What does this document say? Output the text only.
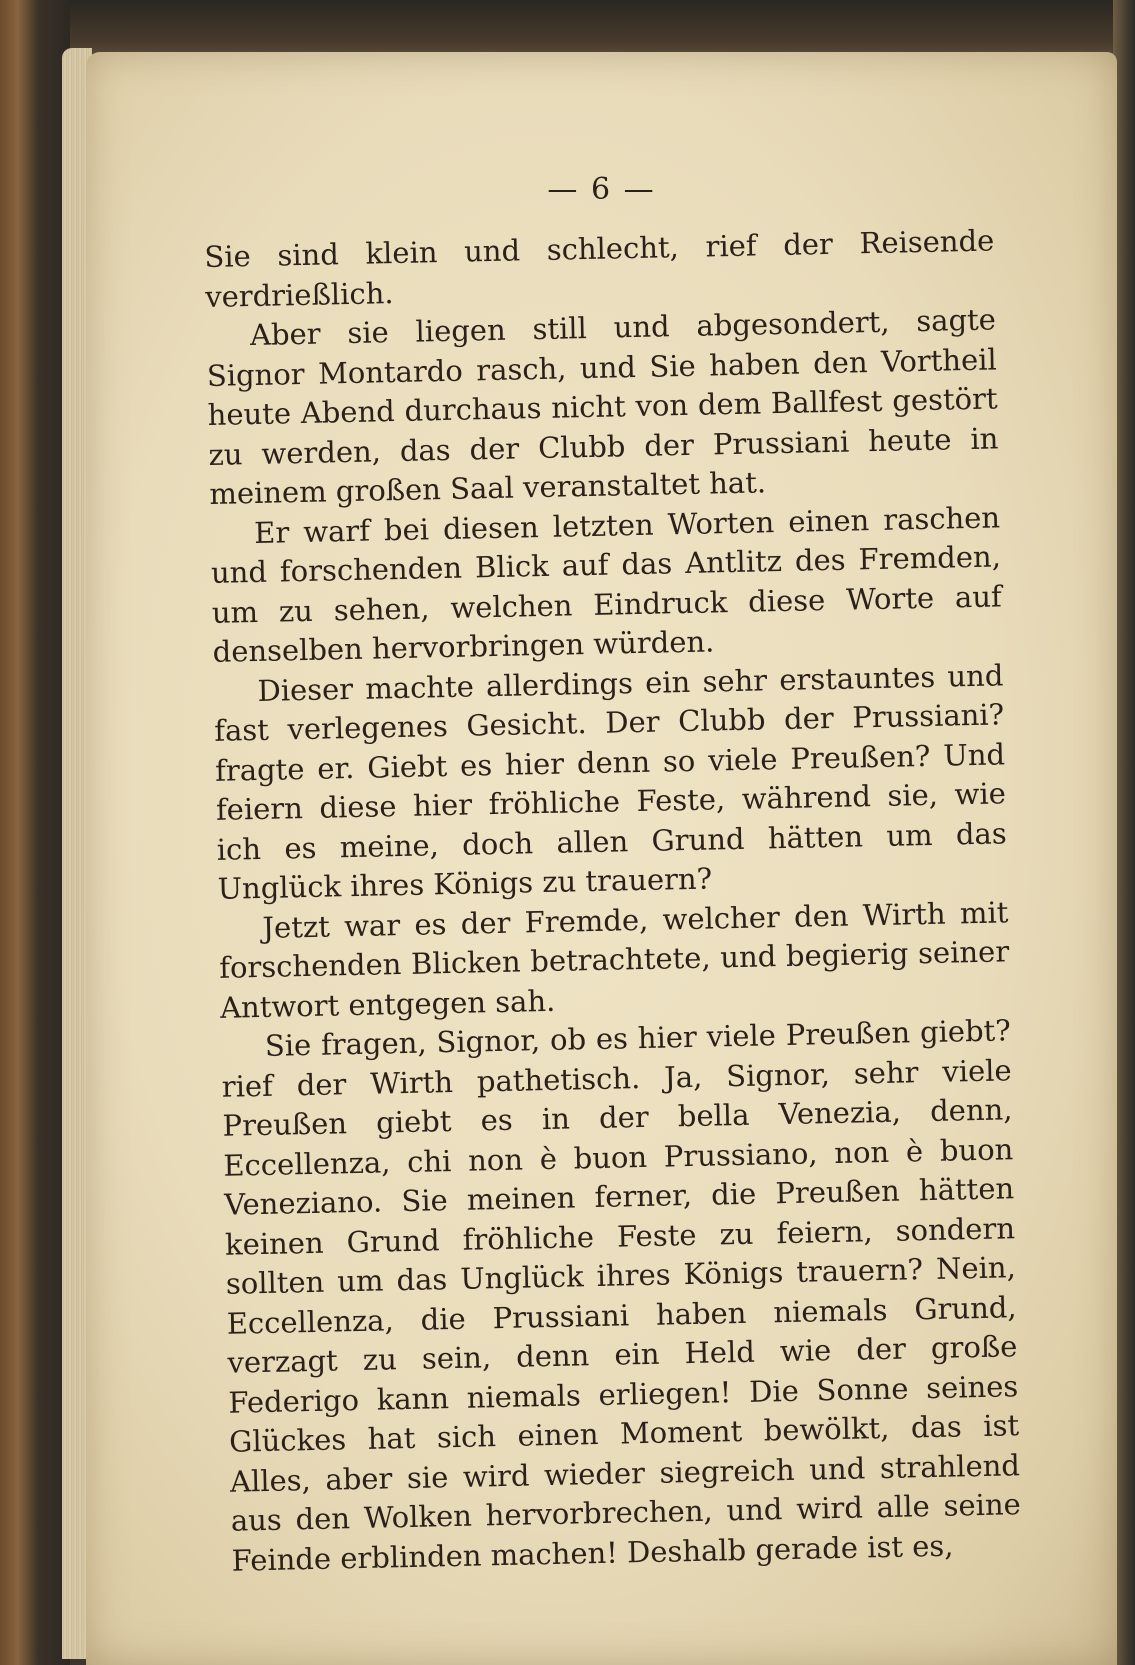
— 6 —

Sie sind klein und schlecht, rief der Reisende verdrießlich.

Aber sie liegen still und abgesondert, sagte Signor Montardo rasch, und Sie haben den Vortheil heute Abend durchaus nicht von dem Ballfest gestört zu werden, das der Clubb der Prussiani heute in meinem großen Saal veranstaltet hat.

Er warf bei diesen letzten Worten einen raschen und forschenden Blick auf das Antlitz des Fremden, um zu sehen, welchen Eindruck diese Worte auf denselben hervorbringen würden.

Dieser machte allerdings ein sehr erstauntes und fast verlegenes Gesicht. Der Clubb der Prussiani? fragte er. Giebt es hier denn so viele Preußen? Und feiern diese hier fröhliche Feste, während sie, wie ich es meine, doch allen Grund hätten um das Unglück ihres Königs zu trauern?

Jetzt war es der Fremde, welcher den Wirth mit forschenden Blicken betrachtete, und begierig seiner Antwort entgegen sah.

Sie fragen, Signor, ob es hier viele Preußen giebt? rief der Wirth pathetisch. Ja, Signor, sehr viele Preußen giebt es in der bella Venezia, denn, Eccellenza, chi non è buon Prussiano, non è buon Veneziano. Sie meinen ferner, die Preußen hätten keinen Grund fröhliche Feste zu feiern, sondern sollten um das Unglück ihres Königs trauern? Nein, Eccellenza, die Prussiani haben niemals Grund, verzagt zu sein, denn ein Held wie der große Federigo kann niemals erliegen! Die Sonne seines Glückes hat sich einen Moment bewölkt, das ist Alles, aber sie wird wieder siegreich und strahlend aus den Wolken hervorbrechen, und wird alle seine Feinde erblinden machen! Deshalb gerade ist es,
